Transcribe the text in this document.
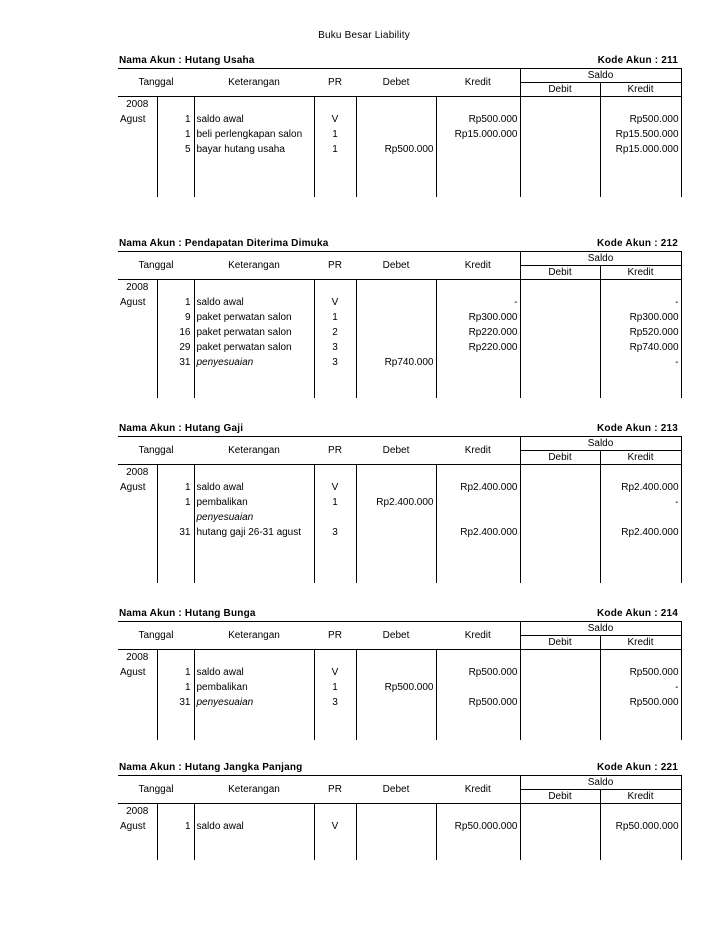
Buku Besar Liability
Nama Akun : Hutang Usaha	Kode Akun : 211
Tanggal		Keterangan	PR	Debet	Kredit	Saldo	
						Debit	Kredit
2008							
Agust	1	saldo awal	V		Rp500.000		Rp500.000
	1	beli perlengkapan salon	1		Rp15.000.000		Rp15.500.000
	5	bayar hutang usaha	1	Rp500.000			Rp15.000.000

Nama Akun : Pendapatan Diterima Dimuka	Kode Akun : 212
Tanggal		Keterangan	PR	Debet	Kredit	Saldo	
						Debit	Kredit
2008							
Agust	1	saldo awal	V		-		-
	9	paket perwatan salon	1		Rp300.000		Rp300.000
	16	paket perwatan salon	2		Rp220.000		Rp520.000
	29	paket perwatan salon	3		Rp220.000		Rp740.000
	31	penyesuaian	3	Rp740.000			-

Nama Akun : Hutang Gaji	Kode Akun : 213
Tanggal		Keterangan	PR	Debet	Kredit	Saldo	
						Debit	Kredit
2008							
Agust	1	saldo awal	V		Rp2.400.000		Rp2.400.000
	1	pembalikan	1	Rp2.400.000			-
		penyesuaian					
	31	hutang gaji 26-31 agust	3		Rp2.400.000		Rp2.400.000

Nama Akun : Hutang Bunga	Kode Akun : 214
Tanggal		Keterangan	PR	Debet	Kredit	Saldo	
						Debit	Kredit
2008							
Agust	1	saldo awal	V		Rp500.000		Rp500.000
	1	pembalikan	1	Rp500.000			-
	31	penyesuaian	3		Rp500.000		Rp500.000

Nama Akun : Hutang Jangka Panjang	Kode Akun : 221
Tanggal		Keterangan	PR	Debet	Kredit	Saldo	
						Debit	Kredit
2008							
Agust	1	saldo awal	V		Rp50.000.000		Rp50.000.000
